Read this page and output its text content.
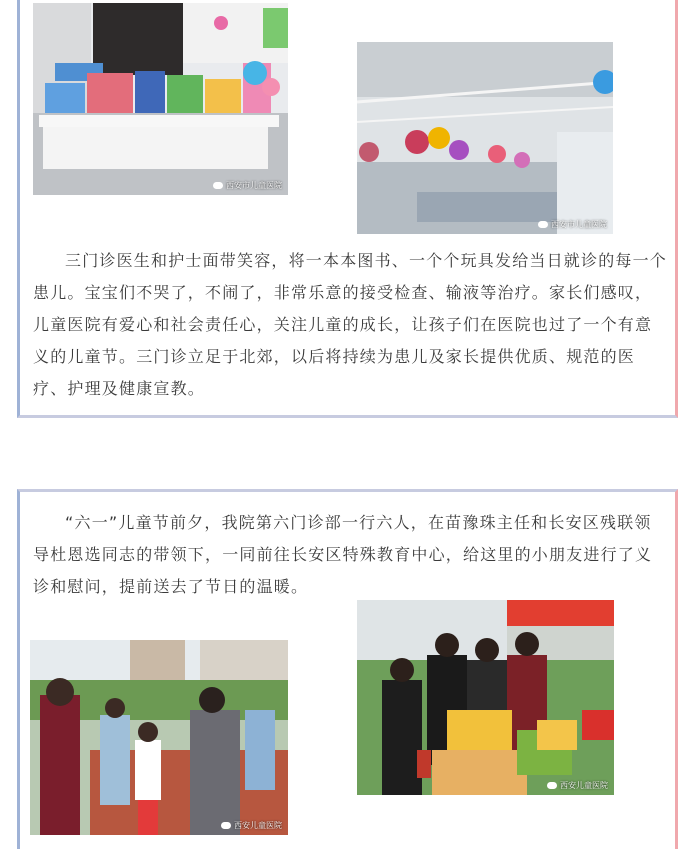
西安市儿童医院
西安市儿童医院

三门诊医生和护士面带笑容，将一本本图书、一个个玩具发给当日就诊的每一个患儿。宝宝们不哭了，不闹了，非常乐意的接受检查、输液等治疗。家长们感叹，儿童医院有爱心和社会责任心，关注儿童的成长，让孩子们在医院也过了一个有意义的儿童节。三门诊立足于北郊，以后将持续为患儿及家长提供优质、规范的医疗、护理及健康宣教。

“六一”儿童节前夕，我院第六门诊部一行六人，在苗豫珠主任和长安区残联领导杜恩选同志的带领下，一同前往长安区特殊教育中心，给这里的小朋友进行了义诊和慰问，提前送去了节日的温暖。

西安儿童医院
西安儿童医院
